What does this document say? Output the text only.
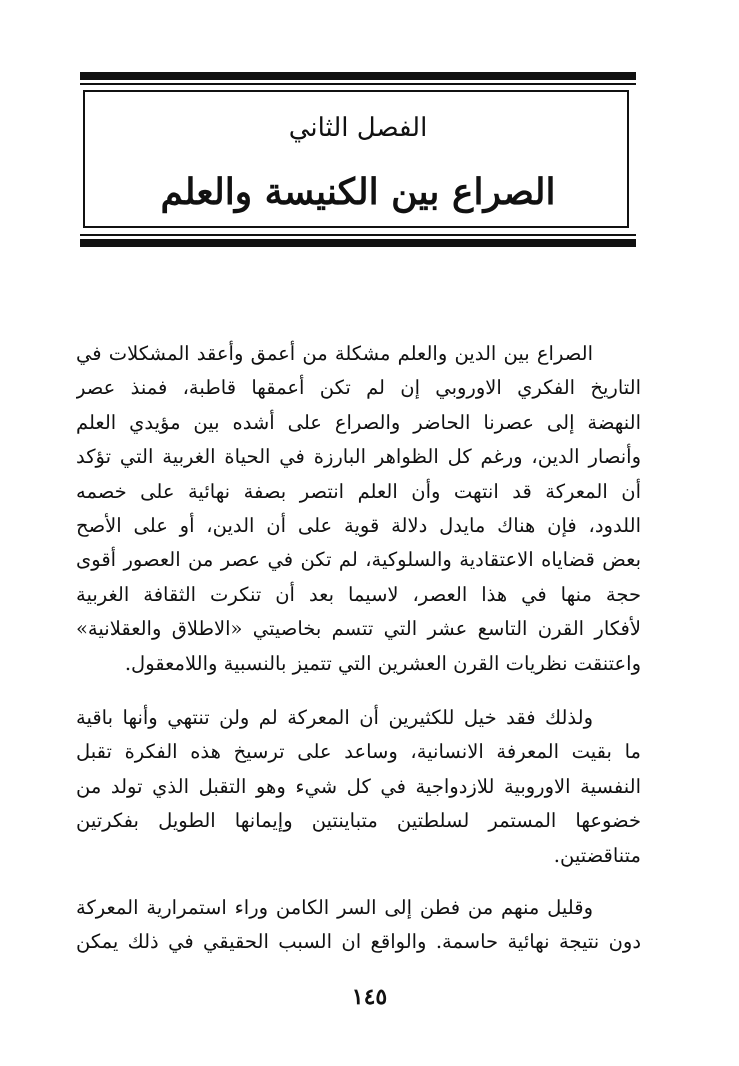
الفصل الثاني
الصراع بين الكنيسة والعلم
الصراع بين الدين والعلم مشكلة من أعمق وأعقد المشكلات في
التاريخ الفكري الاوروبي إن لم تكن أعمقها قاطبة، فمنذ عصر
النهضة إلى عصرنا الحاضر والصراع على أشده بين مؤيدي العلم
وأنصار الدين، ورغم كل الظواهر البارزة في الحياة الغربية التي تؤكد
أن المعركة قد انتهت وأن العلم انتصر بصفة نهائية على خصمه
اللدود، فإن هناك مايدل دلالة قوية على أن الدين، أو على الأصح
بعض قضاياه الاعتقادية والسلوكية، لم تكن في عصر من العصور أقوى
حجة منها في هذا العصر، لاسيما بعد أن تنكرت الثقافة الغربية
لأفكار القرن التاسع عشر التي تتسم بخاصيتي «الاطلاق والعقلانية»
واعتنقت نظريات القرن العشرين التي تتميز بالنسبية واللامعقول.
ولذلك فقد خيل للكثيرين أن المعركة لم ولن تنتهي وأنها باقية
ما بقيت المعرفة الانسانية، وساعد على ترسيخ هذه الفكرة تقبل
النفسية الاوروبية للازدواجية في كل شيء وهو التقبل الذي تولد من
خضوعها المستمر لسلطتين متباينتين وإيمانها الطويل بفكرتين
متناقضتين.
وقليل منهم من فطن إلى السر الكامن وراء استمرارية المعركة
دون نتيجة نهائية حاسمة. والواقع ان السبب الحقيقي في ذلك يمكن
١٤٥
